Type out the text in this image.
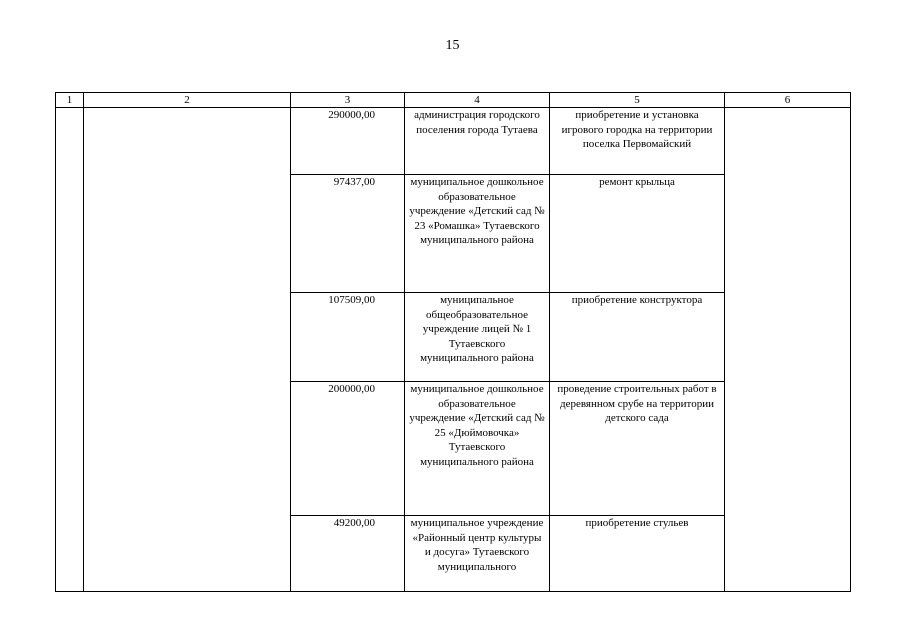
15
1	2	3	4	5	6
		290000,00	администрация городского поселения города Тутаева	приобретение и установка игрового городка на территории поселка Первомайский	
		97437,00	муниципальное дошкольное образовательное учреждение «Детский сад № 23 «Ромашка» Тутаевского муниципального района	ремонт крыльца	
		107509,00	муниципальное общеобразовательное учреждение лицей № 1 Тутаевского муниципального района	приобретение конструктора	
		200000,00	муниципальное дошкольное образовательное учреждение «Детский сад № 25 «Дюймовочка» Тутаевского муниципального района	проведение строительных работ в деревянном срубе на территории детского сада	
		49200,00	муниципальное учреждение «Районный центр культуры и досуга» Тутаевского муниципального	приобретение стульев	
